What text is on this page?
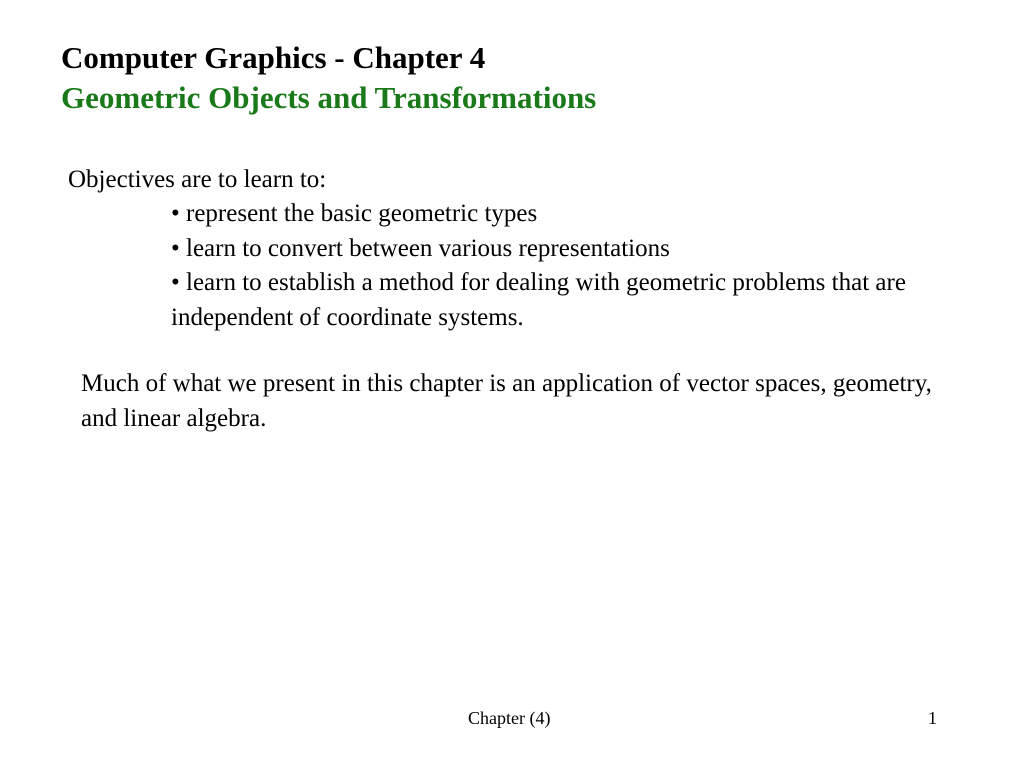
Computer Graphics - Chapter 4
Geometric Objects and Transformations
Objectives are to learn to:
• represent the basic geometric types
• learn to convert between various representations
• learn to establish a method for dealing with geometric problems that are independent of coordinate systems.
Much of what we present in this chapter is an application of vector spaces, geometry, and linear algebra.
Chapter (4)	1
